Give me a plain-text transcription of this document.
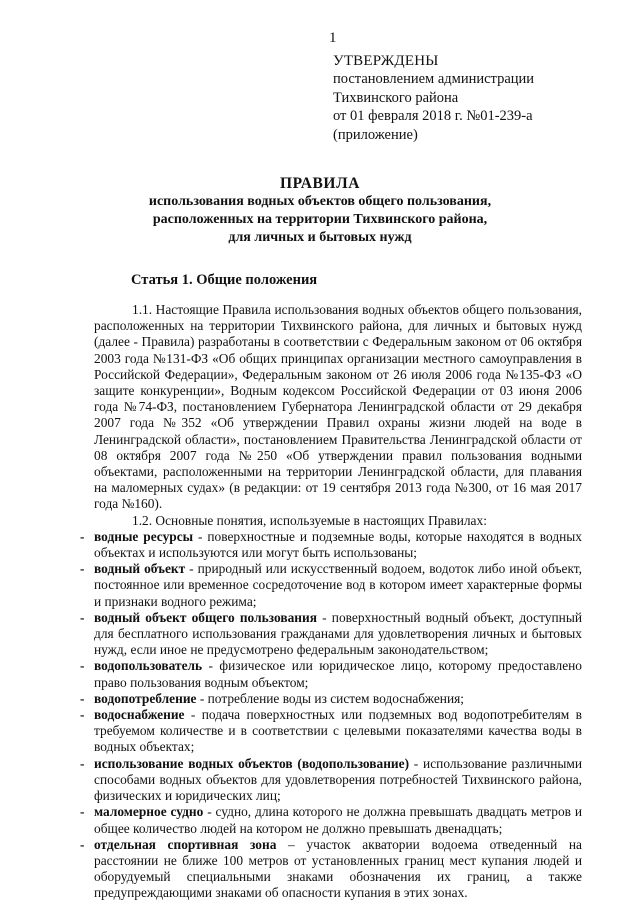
1
УТВЕРЖДЕНЫ
постановлением администрации
Тихвинского района
от 01 февраля 2018 г. №01-239-а
(приложение)
ПРАВИЛА
использования водных объектов общего пользования,
расположенных на территории Тихвинского района,
для личных и бытовых нужд
Статья 1. Общие положения

1.1. Настоящие Правила использования водных объектов общего пользования, расположенных на территории Тихвинского района, для личных и бытовых нужд (далее - Правила) разработаны в соответствии с Федеральным законом от 06 октября 2003 года №131-ФЗ «Об общих принципах организации местного самоуправления в Российской Федерации», Федеральным законом от 26 июля 2006 года №135-ФЗ «О защите конкуренции», Водным кодексом Российской Федерации от 03 июня 2006 года №74-ФЗ, постановлением Губернатора Ленинградской области от 29 декабря 2007 года №352 «Об утверждении Правил охраны жизни людей на воде в Ленинградской области», постановлением Правительства Ленинградской области от 08 октября 2007 года №250 «Об утверждении правил пользования водными объектами, расположенными на территории Ленинградской области, для плавания на маломерных судах» (в редакции: от 19 сентября 2013 года №300, от 16 мая 2017 года №160).

1.2. Основные понятия, используемые в настоящих Правилах:

- водные ресурсы - поверхностные и подземные воды, которые находятся в водных объектах и используются или могут быть использованы;
- водный объект - природный или искусственный водоем, водоток либо иной объект, постоянное или временное сосредоточение вод в котором имеет характерные формы и признаки водного режима;
- водный объект общего пользования - поверхностный водный объект, доступный для бесплатного использования гражданами для удовлетворения личных и бытовых нужд, если иное не предусмотрено федеральным законодательством;
- водопользователь - физическое или юридическое лицо, которому предоставлено право пользования водным объектом;
- водопотребление - потребление воды из систем водоснабжения;
- водоснабжение - подача поверхностных или подземных вод водопотребителям в требуемом количестве и в соответствии с целевыми показателями качества воды в водных объектах;
- использование водных объектов (водопользование) - использование различными способами водных объектов для удовлетворения потребностей Тихвинского района, физических и юридических лиц;
- маломерное судно - судно, длина которого не должна превышать двадцать метров и общее количество людей на котором не должно превышать двенадцать;
- отдельная спортивная зона – участок акватории водоема отведенный на расстоянии не ближе 100 метров от установленных границ мест купания людей и оборудуемый специальными знаками обозначения их границ, а также предупреждающими знаками об опасности купания в этих зонах.
